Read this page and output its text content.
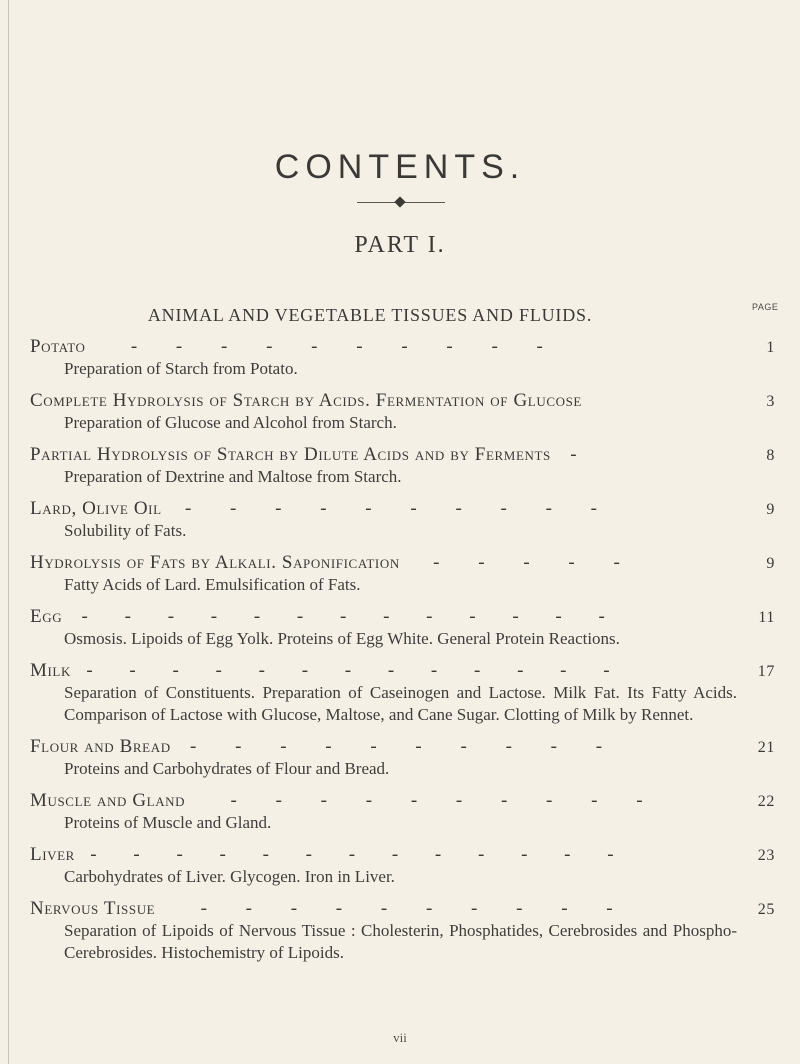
CONTENTS.
PART I.
PAGE
ANIMAL AND VEGETABLE TISSUES AND FLUIDS.
Potato - - - - - - - - - -	1
Preparation of Starch from Potato.
Complete Hydrolysis of Starch by Acids. Fermentation of Glucose	3
Preparation of Glucose and Alcohol from Starch.
Partial Hydrolysis of Starch by Dilute Acids and by Ferments -	8
Preparation of Dextrine and Maltose from Starch.
Lard, Olive Oil - - - - - - - - - -	9
Solubility of Fats.
Hydrolysis of Fats by Alkali. Saponification - - - - -	9
Fatty Acids of Lard. Emulsification of Fats.
Egg - - - - - - - - - - - - -	11
Osmosis. Lipoids of Egg Yolk. Proteins of Egg White. General Protein Reactions.
Milk - - - - - - - - - - - - -	17
Separation of Constituents. Preparation of Caseinogen and Lactose. Milk Fat. Its Fatty Acids. Comparison of Lactose with Glucose, Maltose, and Cane Sugar. Clotting of Milk by Rennet.
Flour and Bread - - - - - - - - - -	21
Proteins and Carbohydrates of Flour and Bread.
Muscle and Gland - - - - - - - - - -	22
Proteins of Muscle and Gland.
Liver - - - - - - - - - - - - -	23
Carbohydrates of Liver. Glycogen. Iron in Liver.
Nervous Tissue - - - - - - - - - -	25
Separation of Lipoids of Nervous Tissue : Cholesterin, Phosphatides, Cerebrosides and Phospho-Cerebrosides. Histochemistry of Lipoids.
vii
